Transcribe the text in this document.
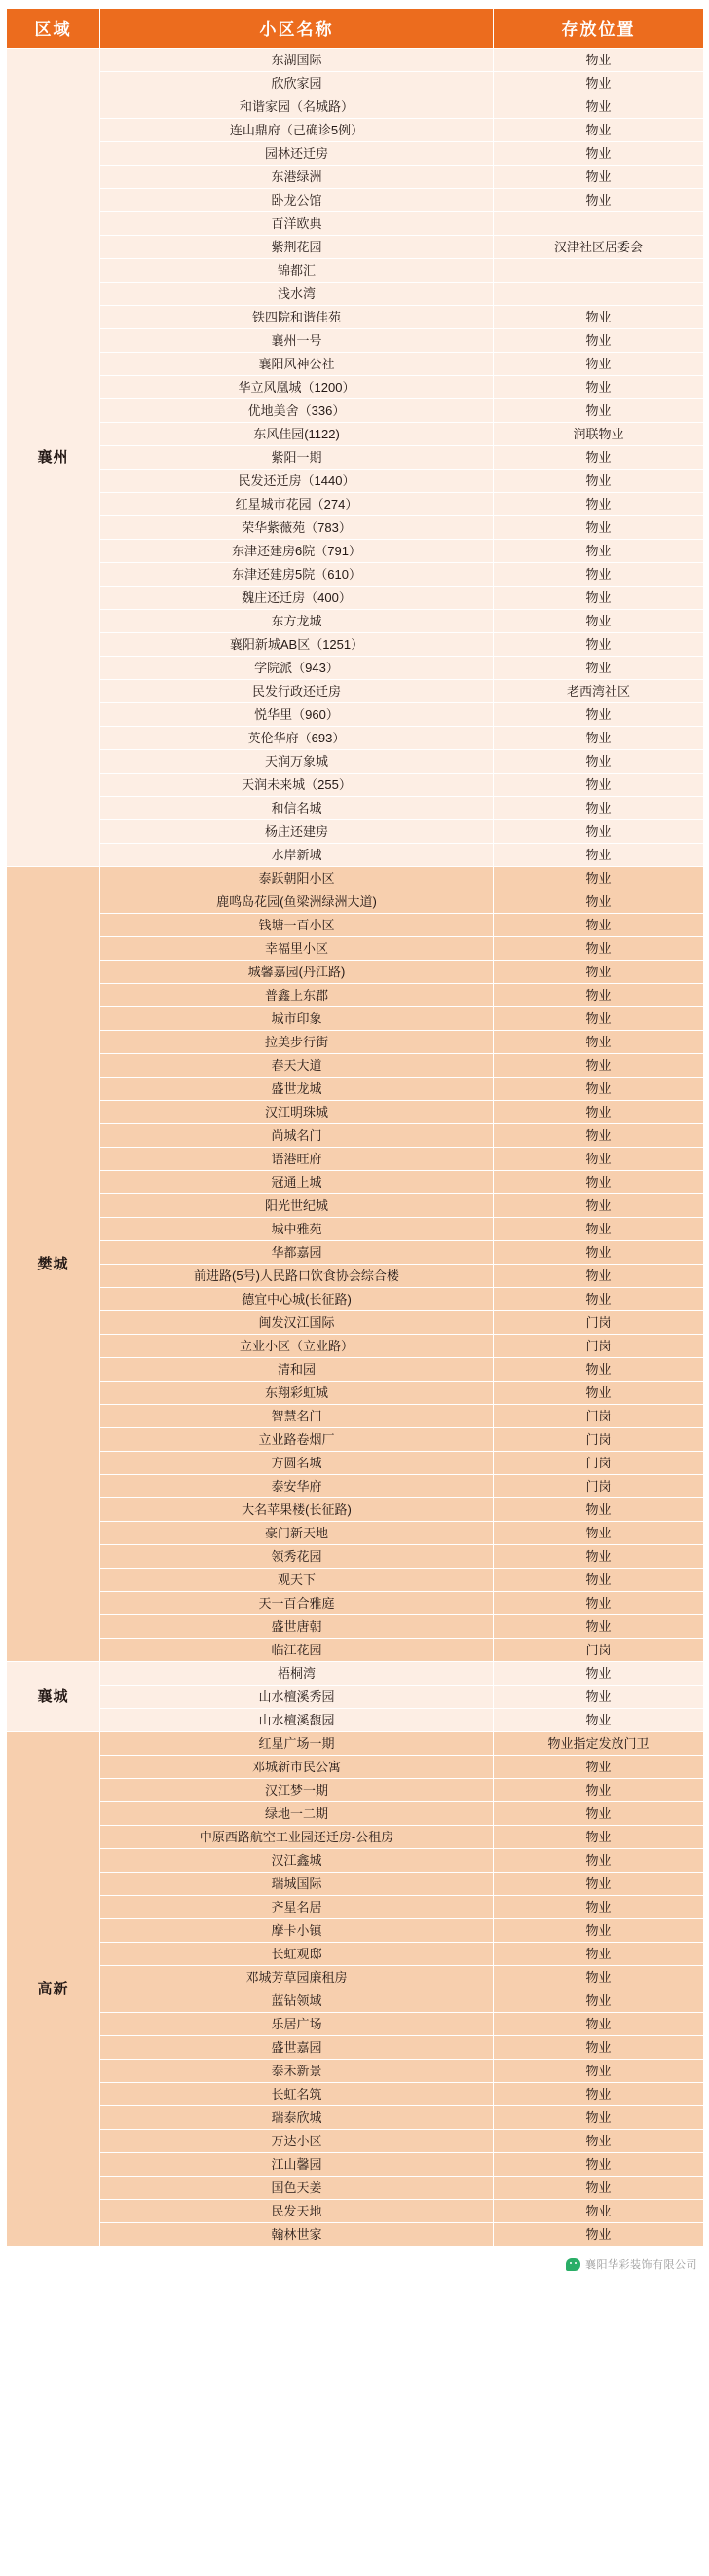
区域	小区名称	存放位置
襄州	东湖国际	物业
	欣欣家园	物业
	和谐家园（名城路）	物业
	连山鼎府（己确诊5例）	物业
	园林还迁房	物业
	东港绿洲	物业
	卧龙公馆	物业
	百洋欧典	
	紫荆花园	汉津社区居委会
	锦都汇	
	浅水湾	
	铁四院和谐佳苑	物业
	襄州一号	物业
	襄阳风神公社	物业
	华立风凰城（1200）	物业
	优地美舍（336）	物业
	东风佳园(1122)	润联物业
	紫阳一期	物业
	民发还迁房（1440）	物业
	红星城市花园（274）	物业
	荣华紫薇苑（783）	物业
	东津还建房6院（791）	物业
	东津还建房5院（610）	物业
	魏庄还迁房（400）	物业
	东方龙城	物业
	襄阳新城AB区（1251）	物业
	学院派（943）	物业
	民发行政还迁房	老西湾社区
	悦华里（960）	物业
	英伦华府（693）	物业
	天润万象城	物业
	天润未来城（255）	物业
	和信名城	物业
	杨庄还建房	物业
	水岸新城	物业
樊城	泰跃朝阳小区	物业
	鹿鸣岛花园(鱼梁洲绿洲大道)	物业
	钱塘一百小区	物业
	幸福里小区	物业
	城馨嘉园(丹江路)	物业
	普鑫上东郡	物业
	城市印象	物业
	拉美步行街	物业
	春天大道	物业
	盛世龙城	物业
	汉江明珠城	物业
	尚城名门	物业
	语港旺府	物业
	冠通上城	物业
	阳光世纪城	物业
	城中雅苑	物业
	华都嘉园	物业
	前进路(5号)人民路口饮食协会综合楼	物业
	德宜中心城(长征路)	物业
	闽发汉江国际	门岗
	立业小区（立业路）	门岗
	清和园	物业
	东翔彩虹城	物业
	智慧名门	门岗
	立业路卷烟厂	门岗
	方圆名城	门岗
	泰安华府	门岗
	大名苹果楼(长征路)	物业
	豪门新天地	物业
	领秀花园	物业
	观天下	物业
	天一百合雅庭	物业
	盛世唐朝	物业
	临江花园	门岗
襄城	梧桐湾	物业
	山水檀溪秀园	物业
	山水檀溪馥园	物业
高新	红星广场一期	物业指定发放门卫
	邓城新市民公寓	物业
	汉江梦一期	物业
	绿地一二期	物业
	中原西路航空工业园还迁房-公租房	物业
	汉江鑫城	物业
	瑞城国际	物业
	齐星名居	物业
	摩卡小镇	物业
	长虹观邸	物业
	邓城芳草园廉租房	物业
	蓝钻领域	物业
	乐居广场	物业
	盛世嘉园	物业
	泰禾新景	物业
	长虹名筑	物业
	瑞泰欣城	物业
	万达小区	物业
	江山馨园	物业
	国色天姜	物业
	民发天地	物业
	翰林世家	物业
襄阳华彩装饰有限公司
